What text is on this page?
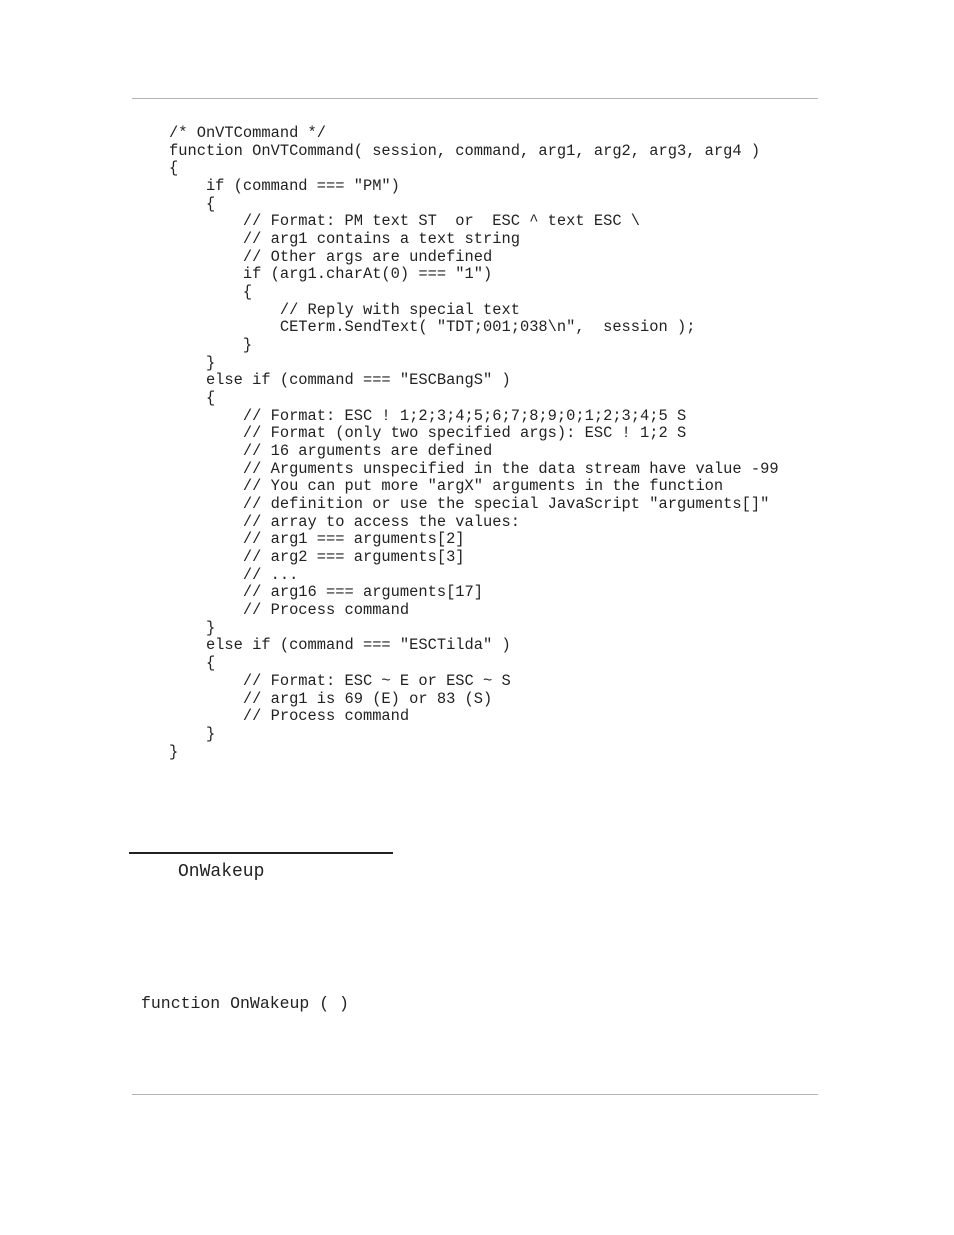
/* OnVTCommand */
function OnVTCommand( session, command, arg1, arg2, arg3, arg4 )
{
if (command === "PM")
{
// Format: PM text ST  or  ESC ^ text ESC \
// arg1 contains a text string
// Other args are undefined
if (arg1.charAt(0) === "1")
{
// Reply with special text
CETerm.SendText( "TDT;001;038\n",  session );
}
}
else if (command === "ESCBangS" )
{
// Format: ESC ! 1;2;3;4;5;6;7;8;9;0;1;2;3;4;5 S
// Format (only two specified args): ESC ! 1;2 S
// 16 arguments are defined
// Arguments unspecified in the data stream have value -99
// You can put more "argX" arguments in the function
// definition or use the special JavaScript "arguments[]"
// array to access the values:
// arg1 === arguments[2]
// arg2 === arguments[3]
// ...
// arg16 === arguments[17]
// Process command
}
else if (command === "ESCTilda" )
{
// Format: ESC ~ E or ESC ~ S
// arg1 is 69 (E) or 83 (S)
// Process command
}
}
OnWakeup
function OnWakeup ( )
